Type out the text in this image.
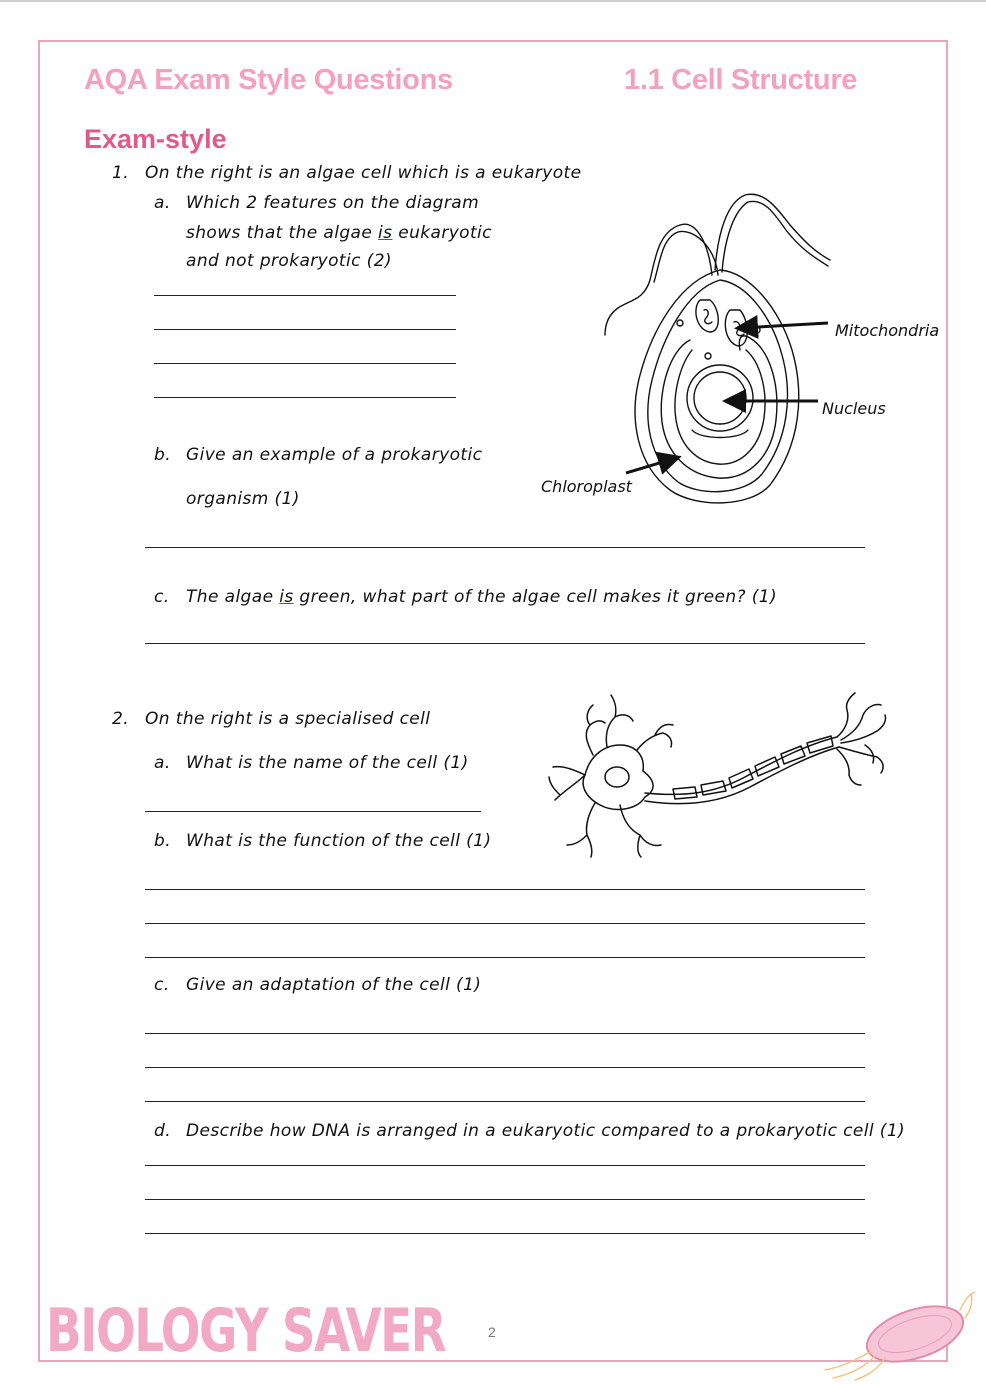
AQA Exam Style Questions	1.1 Cell Structure
Exam-style
1. On the right is an algae cell which is a eukaryote
a. Which 2 features on the diagram
shows that the algae is eukaryotic
and not prokaryotic (2)
b. Give an example of a prokaryotic
organism (1)
c. The algae is green, what part of the algae cell makes it green? (1)
Mitochondria
Nucleus
Chloroplast
2. On the right is a specialised cell
a. What is the name of the cell (1)
b. What is the function of the cell (1)
c. Give an adaptation of the cell (1)
d. Describe how DNA is arranged in a eukaryotic compared to a prokaryotic cell (1)
BIOLOGY SAVER	2
